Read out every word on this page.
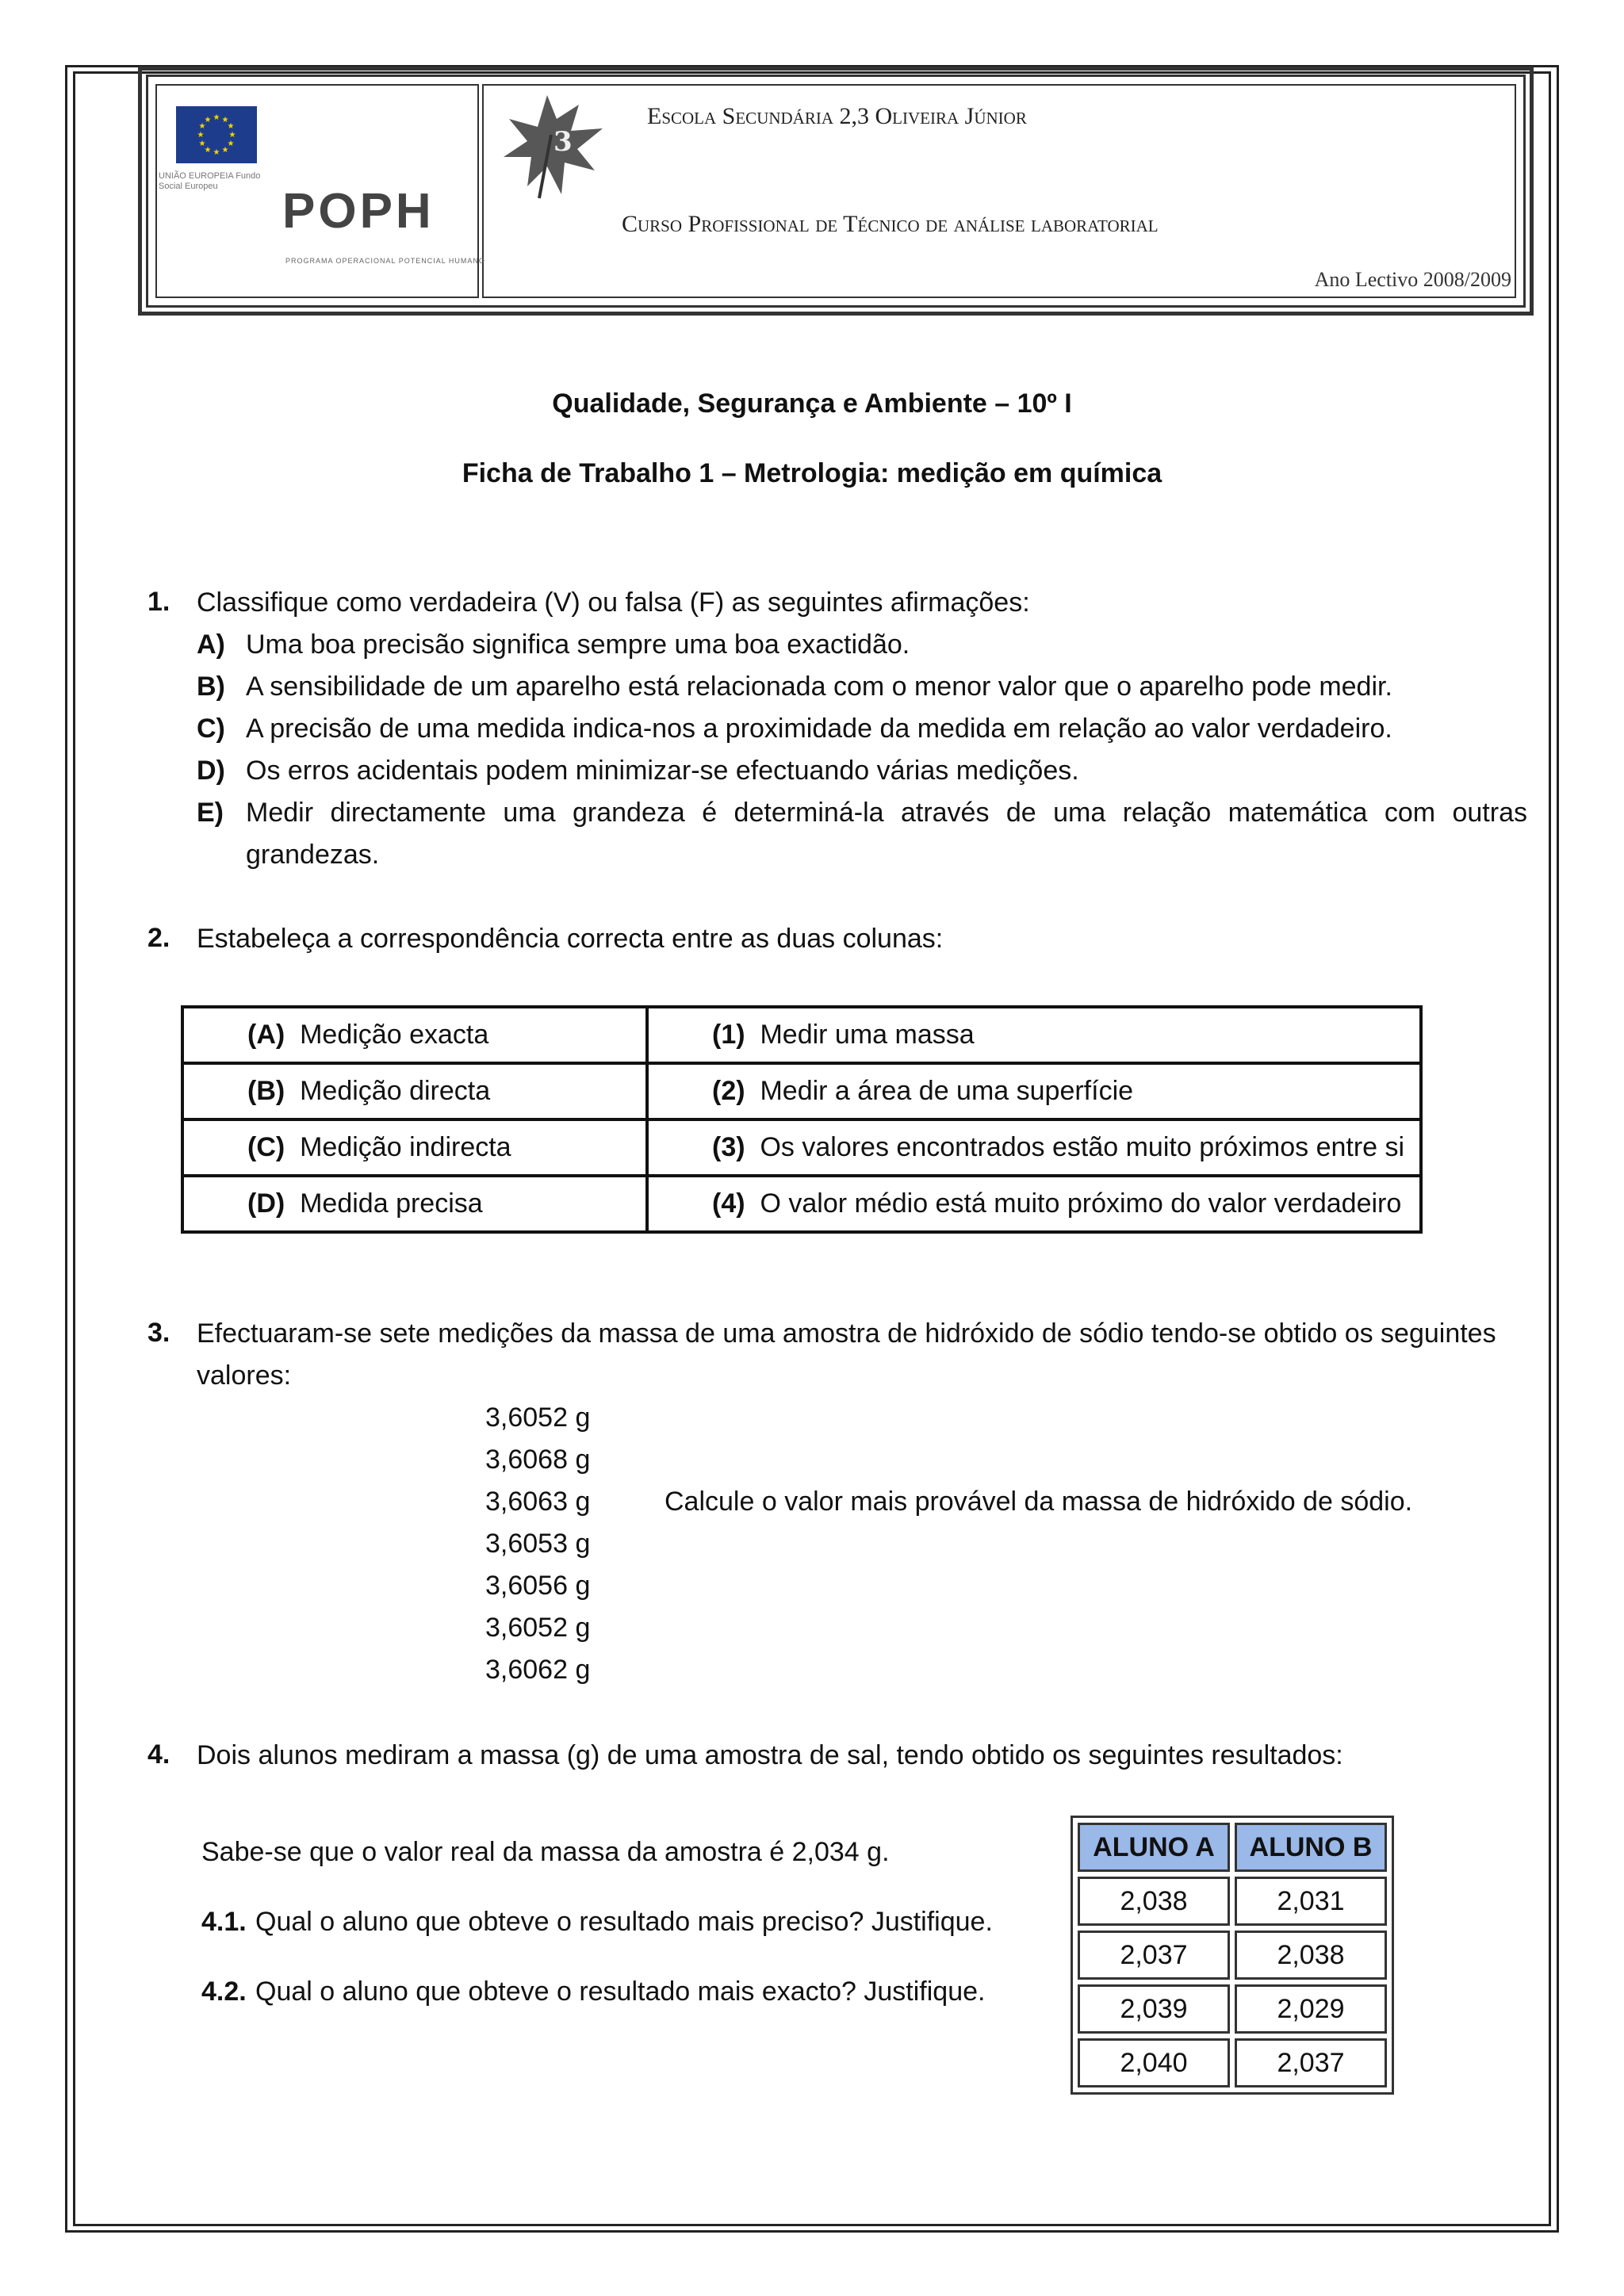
★ ★
★
★
★
★
★
★
★
★
★
★
UNIÃO EUROPEIA Fundo Social Europeu	POPH
PROGRAMA OPERACIONAL POTENCIAL HUMANO
3
Escola Secundária 2,3 Oliveira Júnior
Curso Profissional de Técnico de análise laboratorial
Ano Lectivo 2008/2009
Qualidade, Segurança e Ambiente – 10º I
Ficha de Trabalho 1 – Metrologia: medição em química
1. Classifique como verdadeira (V) ou falsa (F) as seguintes afirmações:
A) Uma boa precisão significa sempre uma boa exactidão.
B) A sensibilidade de um aparelho está relacionada com o menor valor que o aparelho pode medir.
C) A precisão de uma medida indica-nos a proximidade da medida em relação ao valor verdadeiro.
D) Os erros acidentais podem minimizar-se efectuando várias medições.
E) Medir directamente uma grandeza é determiná-la através de uma relação matemática com outras
grandezas.
2. Estabeleça a correspondência correcta entre as duas colunas:
(A) Medição exacta	(1) Medir uma massa
(B) Medição directa	(2) Medir a área de uma superfície
(C) Medição indirecta	(3) Os valores encontrados estão muito próximos entre si
(D) Medida precisa	(4) O valor médio está muito próximo do valor verdadeiro
3. Efectuaram-se sete medições da massa de uma amostra de hidróxido de sódio tendo-se obtido os seguintes
valores:
3,6052 g
3,6068 g
3,6063 g
3,6053 g
3,6056 g
3,6052 g
3,6062 g
Calcule o valor mais provável da massa de hidróxido de sódio.
4. Dois alunos mediram a massa (g) de uma amostra de sal, tendo obtido os seguintes resultados:
Sabe-se que o valor real da massa da amostra é 2,034 g.
4.1. Qual o aluno que obteve o resultado mais preciso? Justifique.
4.2. Qual o aluno que obteve o resultado mais exacto? Justifique.
ALUNO A	ALUNO B
2,038	2,031
2,037	2,038
2,039	2,029
2,040	2,037
